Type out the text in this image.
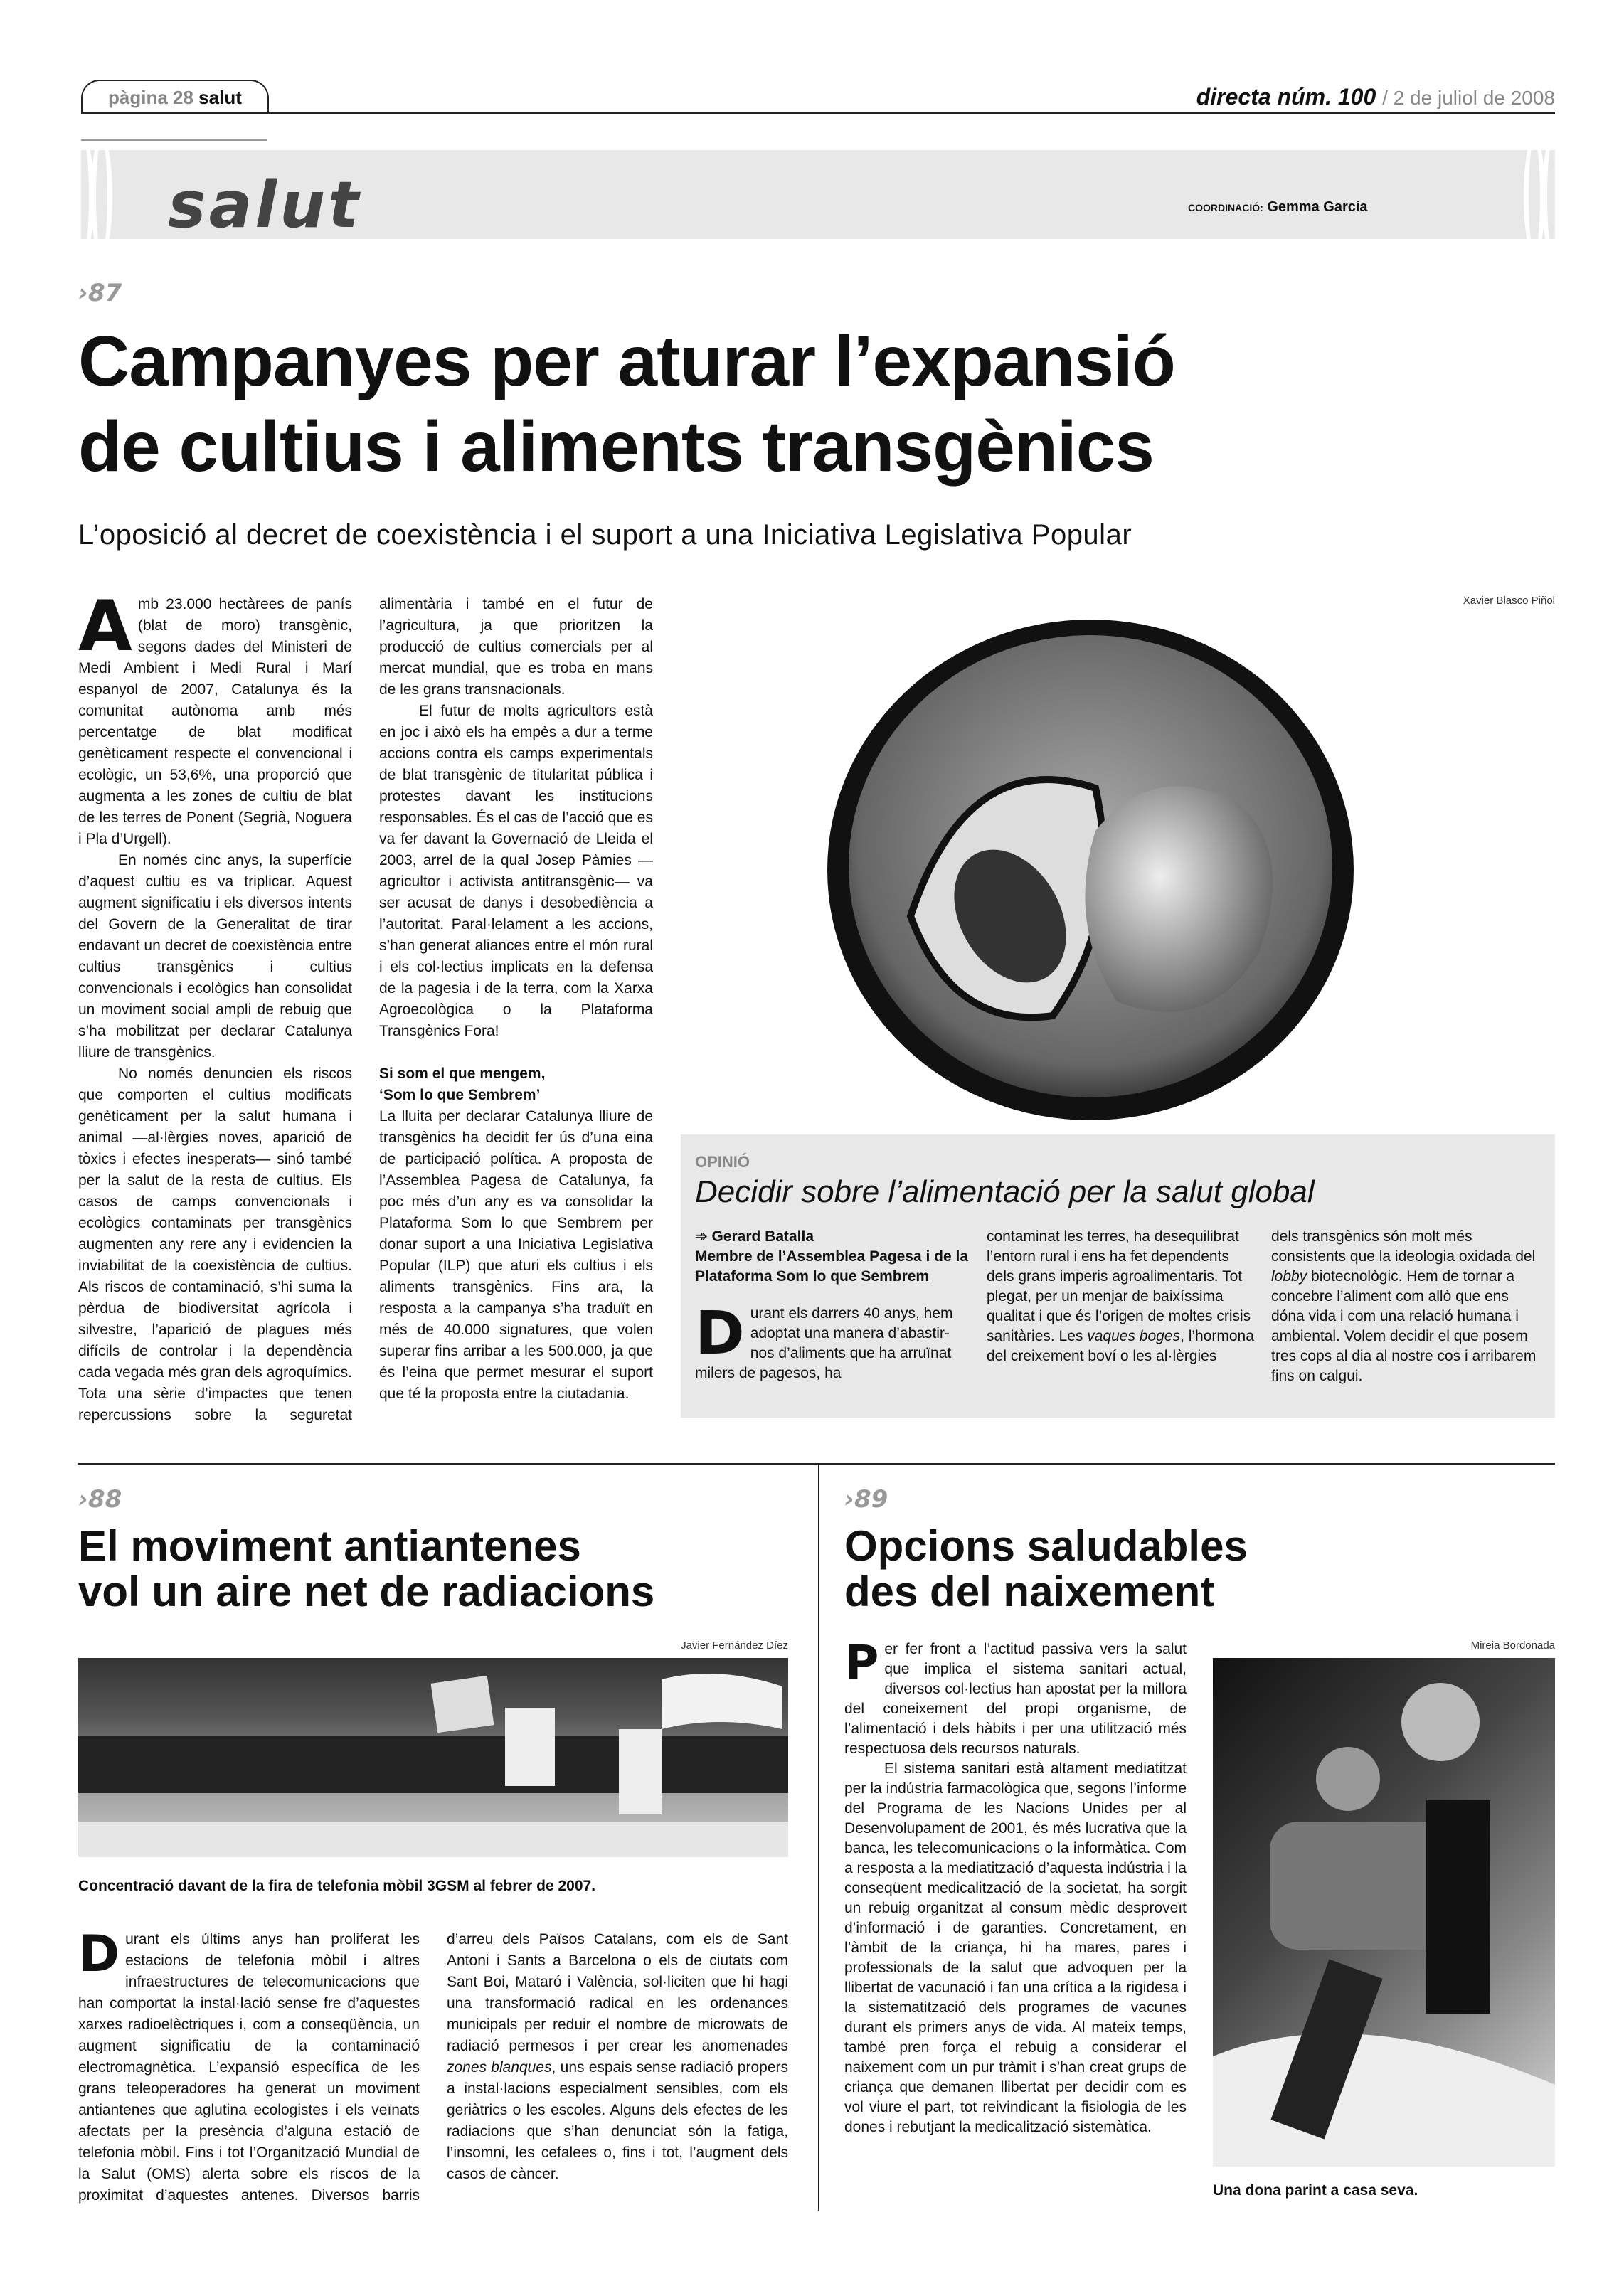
pàgina 28 salut	directa núm. 100 / 2 de juliol de 2008
salut	COORDINACIÓ: Gemma Garcia
›87
Campanyes per aturar l’expansió
de cultius i aliments transgènics
L’oposició al decret de coexistència i el suport a una Iniciativa Legislativa Popular

Amb 23.000 hectàrees de panís (blat de moro) transgènic, segons dades del Ministeri de Medi Ambient i Medi Rural i Marí espanyol de 2007, Catalunya és la comunitat autònoma amb més percentatge de blat modificat genèticament respecte el convencional i ecològic, un 53,6%, una proporció que augmenta a les zones de cultiu de blat de les terres de Ponent (Segrià, Noguera i Pla d’Urgell).

En només cinc anys, la superfície d’aquest cultiu es va triplicar. Aquest augment significatiu i els diversos intents del Govern de la Generalitat de tirar endavant un decret de coexistència entre cultius transgènics i cultius convencionals i ecològics han consolidat un moviment social ampli de rebuig que s’ha mobilitzat per declarar Catalunya lliure de transgènics.

No només denuncien els riscos que comporten el cultius modificats genèticament per la salut humana i animal —al·lèrgies noves, aparició de tòxics i efectes inesperats— sinó també per la salut de la resta de cultius. Els casos de camps convencionals i ecològics contaminats per transgènics augmenten any rere any i evidencien la inviabilitat de la coexistència de cultius. Als riscos de contaminació, s’hi suma la pèrdua de biodiversitat agrícola i silvestre, l’aparició de plagues més difícils de controlar i la dependència cada vegada més gran dels agroquímics. Tota una sèrie d’impactes que tenen repercussions sobre la seguretat alimentària i també en el futur de l’agricultura, ja que prioritzen la producció de cultius comercials per al mercat mundial, que es troba en mans de les grans transnacionals.

El futur de molts agricultors està en joc i això els ha empès a dur a terme accions contra els camps experimentals de blat transgènic de titularitat pública i protestes davant les institucions responsables. És el cas de l’acció que es va fer davant la Governació de Lleida el 2003, arrel de la qual Josep Pàmies —agricultor i activista antitransgènic— va ser acusat de danys i desobediència a l’autoritat. Paral·lelament a les accions, s’han generat aliances entre el món rural i els col·lectius implicats en la defensa de la pagesia i de la terra, com la Xarxa Agroecològica o la Plataforma Transgènics Fora!

Si som el que mengem,
‘Som lo que Sembrem’

La lluita per declarar Catalunya lliure de transgènics ha decidit fer ús d’una eina de participació política. A proposta de l’Assemblea Pagesa de Catalunya, fa poc més d’un any es va consolidar la Plataforma Som lo que Sembrem per donar suport a una Iniciativa Legislativa Popular (ILP) que aturi els cultius i els aliments transgènics. Fins ara, la resposta a la campanya s’ha traduït en més de 40.000 signatures, que volen superar fins arribar a les 500.000, ja que és l’eina que permet mesurar el suport que té la proposta entre la ciutadania.

Xavier Blasco Piñol
OPINIÓ
Decidir sobre l’alimentació per la salut global
➾ Gerard Batalla
Membre de l’Assemblea Pagesa i de la Plataforma Som lo que Sembrem
Durant els darrers 40 anys, hem adoptat una manera d’abastir-nos d’aliments que ha arruïnat milers de pagesos, ha
contaminat les terres, ha desequilibrat l’entorn rural i ens ha fet dependents dels grans imperis agroalimentaris. Tot plegat, per un menjar de baixíssima qualitat i que és l’origen de moltes crisis sanitàries. Les vaques boges, l’hormona del creixement boví o les al·lèrgies
dels transgènics són molt més consistents que la ideologia oxidada del lobby biotecnològic. Hem de tornar a concebre l’aliment com allò que ens dóna vida i com una relació humana i ambiental. Volem decidir el que posem tres cops al dia al nostre cos i arribarem fins on calgui.
›88
El moviment antiantenes
vol un aire net de radiacions
Javier Fernández Díez
Concentració davant de la fira de telefonia mòbil 3GSM al febrer de 2007.

Durant els últims anys han proliferat les estacions de telefonia mòbil i altres infraestructures de telecomunicacions que han comportat la instal·lació sense fre d’aquestes xarxes radioelèctriques i, com a conseqüència, un augment significatiu de la contaminació electromagnètica. L’expansió específica de les grans teleoperadores ha generat un moviment antiantenes que aglutina ecologistes i els veïnats afectats per la presència d’alguna estació de telefonia mòbil. Fins i tot l’Organització Mundial de la Salut (OMS) alerta sobre els riscos de la proximitat d’aquestes antenes. Diversos barris d’arreu dels Països Catalans, com els de Sant Antoni i Sants a Barcelona o els de ciutats com Sant Boi, Mataró i València, sol·liciten que hi hagi una transformació radical en les ordenances municipals per reduir el nombre de microwats de radiació permesos i per crear les anomenades zones blanques, uns espais sense radiació propers a instal·lacions especialment sensibles, com els geriàtrics o les escoles. Alguns dels efectes de les radiacions que s’han denunciat són la fatiga, l’insomni, les cefalees o, fins i tot, l’augment dels casos de càncer.

›89
Opcions saludables
des del naixement

Per fer front a l’actitud passiva vers la salut que implica el sistema sanitari actual, diversos col·lectius han apostat per la millora del coneixement del propi organisme, de l’alimentació i dels hàbits i per una utilització més respectuosa dels recursos naturals.

El sistema sanitari està altament mediatitzat per la indústria farmacològica que, segons l’informe del Programa de les Nacions Unides per al Desenvolupament de 2001, és més lucrativa que la banca, les telecomunicacions o la informàtica. Com a resposta a la mediatització d’aquesta indústria i la conseqüent medicalització de la societat, ha sorgit un rebuig organitzat al consum mèdic desproveït d’informació i de garanties. Concretament, en l’àmbit de la criança, hi ha mares, pares i professionals de la salut que advoquen per la llibertat de vacunació i fan una crítica a la rigidesa i la sistematització dels programes de vacunes durant els primers anys de vida. Al mateix temps, també pren força el rebuig a considerar el naixement com un pur tràmit i s’han creat grups de criança que demanen llibertat per decidir com es vol viure el part, tot reivindicant la fisiologia de les dones i rebutjant la medicalització sistemàtica.

Mireia Bordonada
Una dona parint a casa seva.
